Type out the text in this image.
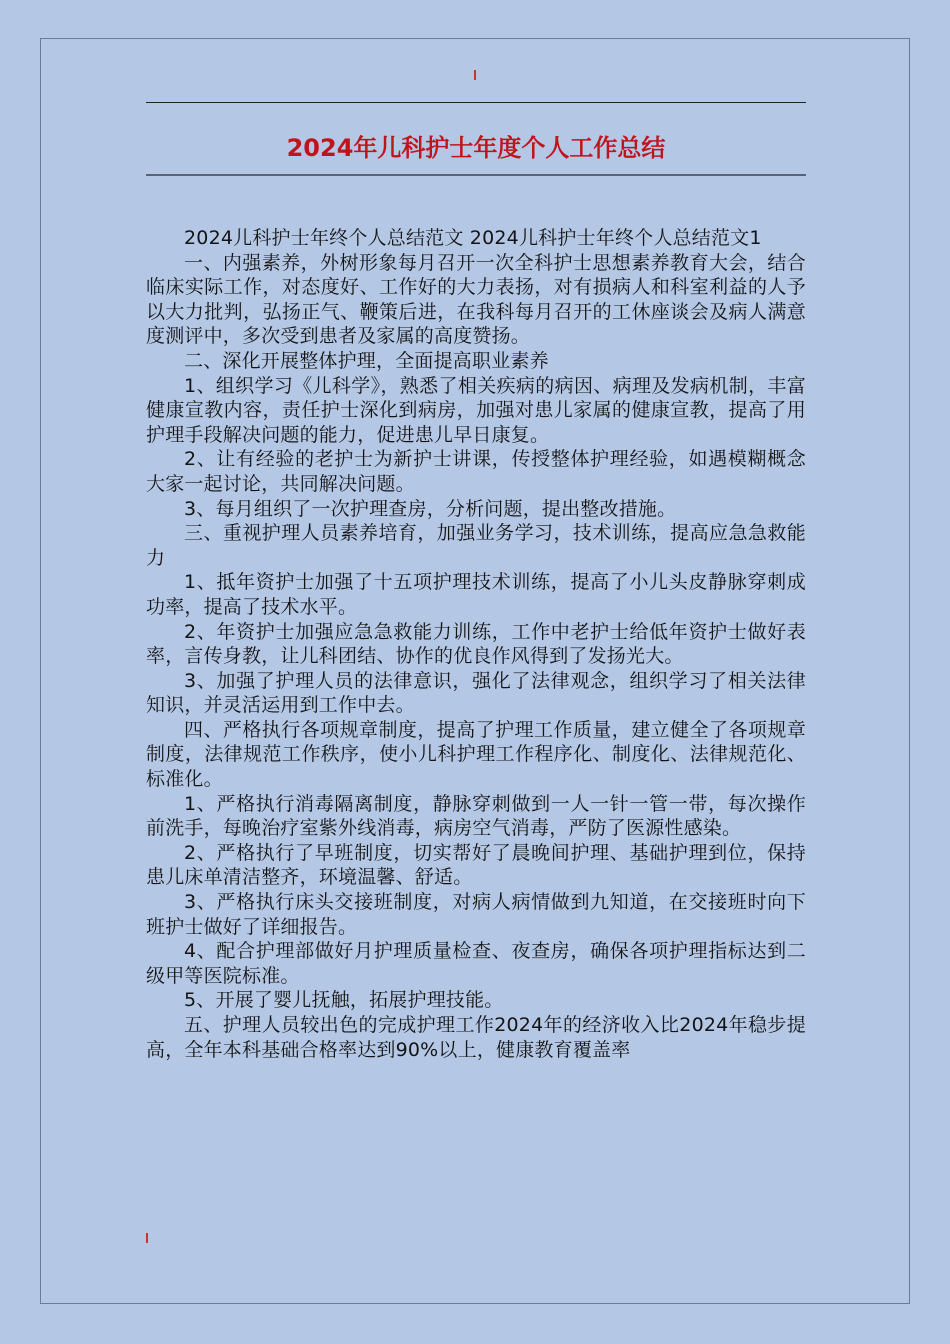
2024年儿科护士年度个人工作总结

2024儿科护士年终个人总结范文 2024儿科护士年终个人总结范文1

一、内强素养，外树形象每月召开一次全科护士思想素养教育大会，结合临床实际工作，对态度好、工作好的大力表扬，对有损病人和科室利益的人予以大力批判，弘扬正气、鞭策后进，在我科每月召开的工休座谈会及病人满意度测评中，多次受到患者及家属的高度赞扬。

二、深化开展整体护理，全面提高职业素养

1、组织学习《儿科学》，熟悉了相关疾病的病因、病理及发病机制，丰富健康宣教内容，责任护士深化到病房，加强对患儿家属的健康宣教，提高了用护理手段解决问题的能力，促进患儿早日康复。

2、让有经验的老护士为新护士讲课，传授整体护理经验，如遇模糊概念大家一起讨论，共同解决问题。

3、每月组织了一次护理查房，分析问题，提出整改措施。

三、重视护理人员素养培育，加强业务学习，技术训练，提高应急急救能力

1、抵年资护士加强了十五项护理技术训练，提高了小儿头皮静脉穿刺成功率，提高了技术水平。

2、年资护士加强应急急救能力训练，工作中老护士给低年资护士做好表率，言传身教，让儿科团结、协作的优良作风得到了发扬光大。

3、加强了护理人员的法律意识，强化了法律观念，组织学习了相关法律知识，并灵活运用到工作中去。

四、严格执行各项规章制度，提高了护理工作质量，建立健全了各项规章制度，法律规范工作秩序，使小儿科护理工作程序化、制度化、法律规范化、标准化。

1、严格执行消毒隔离制度，静脉穿刺做到一人一针一管一带，每次操作前洗手，每晚治疗室紫外线消毒，病房空气消毒，严防了医源性感染。

2、严格执行了早班制度，切实帮好了晨晚间护理、基础护理到位，保持患儿床单清洁整齐，环境温馨、舒适。

3、严格执行床头交接班制度，对病人病情做到九知道，在交接班时向下班护士做好了详细报告。

4、配合护理部做好月护理质量检查、夜查房，确保各项护理指标达到二级甲等医院标准。

5、开展了婴儿抚触，拓展护理技能。

五、护理人员较出色的完成护理工作2024年的经济收入比2024年稳步提高，全年本科基础合格率达到90%以上，健康教育覆盖率
